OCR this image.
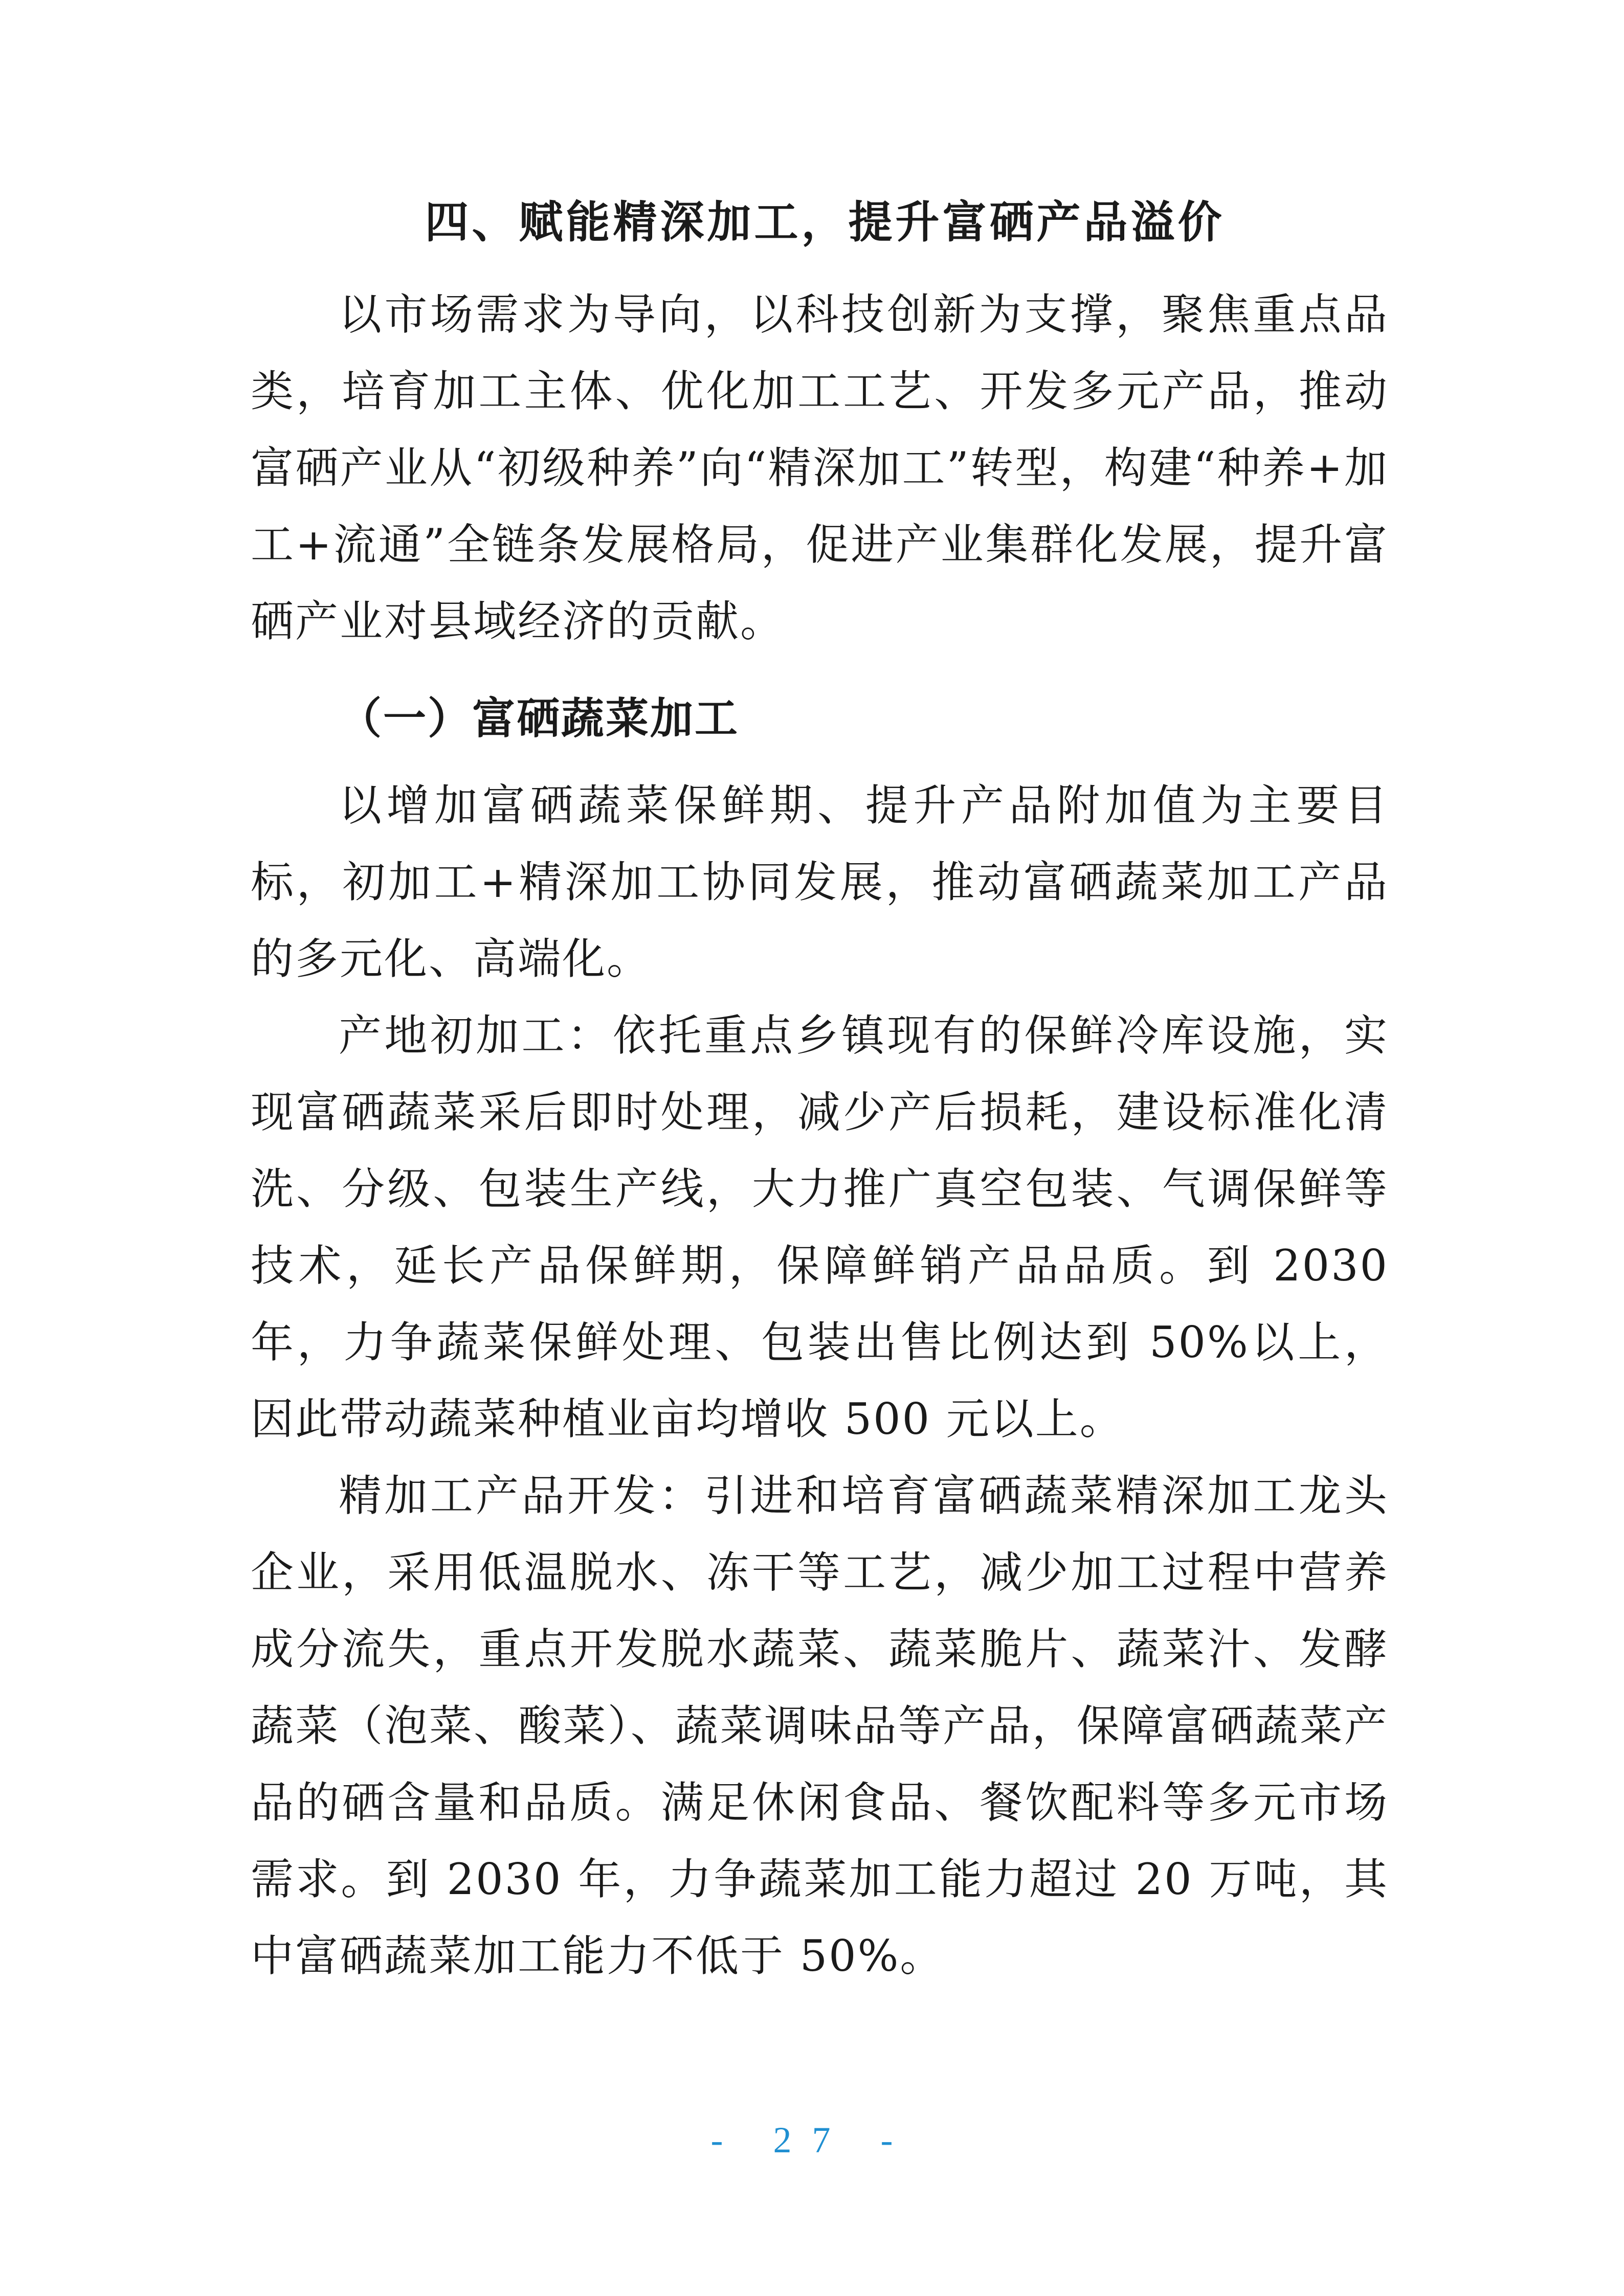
四、赋能精深加工，提升富硒产品溢价

以市场需求为导向，以科技创新为支撑，聚焦重点品类，培育加工主体、优化加工工艺、开发多元产品，推动富硒产业从“初级种养”向“精深加工”转型，构建“种养+加工+流通”全链条发展格局，促进产业集群化发展，提升富硒产业对县域经济的贡献。

（一）富硒蔬菜加工

以增加富硒蔬菜保鲜期、提升产品附加值为主要目标，初加工+精深加工协同发展，推动富硒蔬菜加工产品的多元化、高端化。

产地初加工：依托重点乡镇现有的保鲜冷库设施，实现富硒蔬菜采后即时处理，减少产后损耗，建设标准化清洗、分级、包装生产线，大力推广真空包装、气调保鲜等技术，延长产品保鲜期，保障鲜销产品品质。到 2030 年，力争蔬菜保鲜处理、包装出售比例达到 50%以上，因此带动蔬菜种植业亩均增收 500 元以上。

精加工产品开发：引进和培育富硒蔬菜精深加工龙头企业，采用低温脱水、冻干等工艺，减少加工过程中营养成分流失，重点开发脱水蔬菜、蔬菜脆片、蔬菜汁、发酵蔬菜（泡菜、酸菜）、蔬菜调味品等产品，保障富硒蔬菜产品的硒含量和品质。满足休闲食品、餐饮配料等多元市场需求。到 2030 年，力争蔬菜加工能力超过 20 万吨，其中富硒蔬菜加工能力不低于 50%。

- 27 -
